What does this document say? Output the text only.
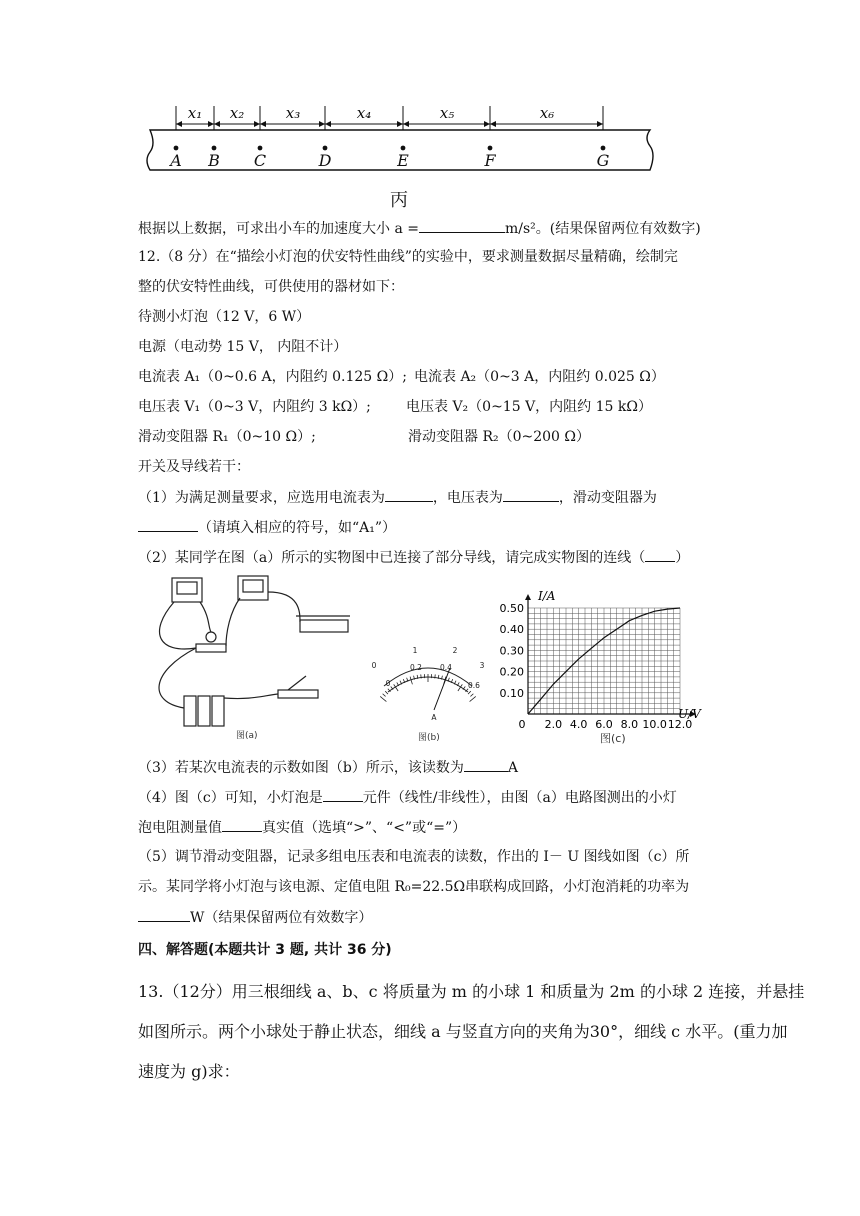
x₁ x₂	x₃	x₄	x₅	x₆
A B C	D	E	F	G
丙
根据以上数据，可求出小车的加速度大小 a =	m/s²。(结果保留两位有效数字)
12.（8 分）在“描绘小灯泡的伏安特性曲线”的实验中，要求测量数据尽量精确，绘制完
整的伏安特性曲线，可供使用的器材如下：
待测小灯泡（12 V，6 W）
电源（电动势 15 V， 内阻不计）
电流表 A₁（0~0.6 A，内阻约 0.125 Ω）; 电流表 A₂（0~3 A，内阻约 0.025 Ω）
电压表 V₁（0~3 V，内阻约 3 kΩ）;	电压表 V₂（0~15 V，内阻约 15 kΩ）
滑动变阻器 R₁（0~10 Ω）;	滑动变阻器 R₂（0~200 Ω）
开关及导线若干：
（1）为满足测量要求，应选用电流表为	，电压表为	，滑动变阻器为
（请填入相应的符号，如“A₁”）
（2）某同学在图（a）所示的实物图中已连接了部分导线，请完成实物图的连线（ ）
图(a)
0
1	2
3
0
0.2 0.4
0.6
A
图(b)
0 2.0 4.0 6.0 8.0 10.0 12.0
0.10
0.20
0.30
0.40
0.50
I/A
U/V
图(c)
（3）若某次电流表的示数如图（b）所示，该读数为	A
（4）图（c）可知，小灯泡是	元件（线性/非线性），由图（a）电路图测出的小灯
泡电阻测量值	真实值（选填“>”、“<”或“=”）
（5）调节滑动变阻器，记录多组电压表和电流表的读数，作出的 I－ U 图线如图（c）所
示。某同学将小灯泡与该电源、定值电阻 R₀=22.5Ω串联构成回路，小灯泡消耗的功率为
W（结果保留两位有效数字）
四、解答题(本题共计 3 题, 共计 36 分)
13.（12分）用三根细线 a、b、c 将质量为 m 的小球 1 和质量为 2m 的小球 2 连接，并悬挂
如图所示。两个小球处于静止状态，细线 a 与竖直方向的夹角为30°，细线 c 水平。(重力加
速度为 g)求：
